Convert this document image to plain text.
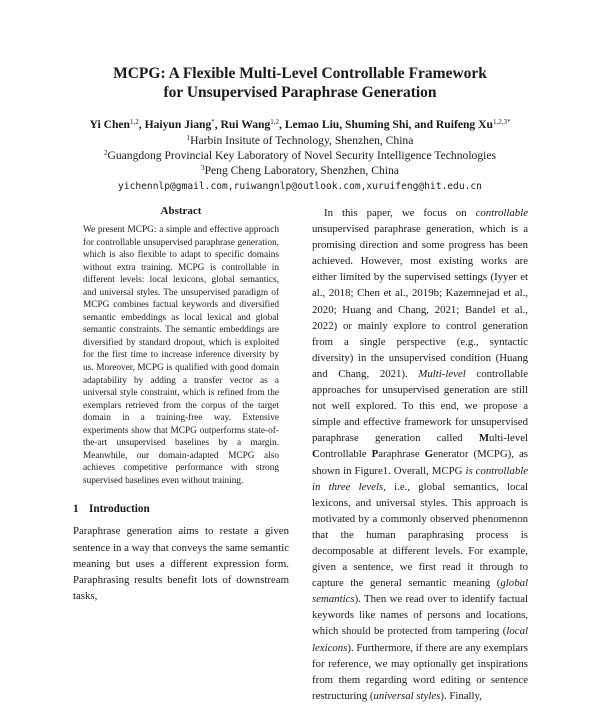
MCPG: A Flexible Multi-Level Controllable Framework
for Unsupervised Paraphrase Generation
Yi Chen$^{1,2}$, Haiyun Jiang*, Rui Wang$^{1,2}$, Lemao Liu, Shuming Shi, and Ruifeng $Xu^{1,2,3*}$
$^1$Harbin Insitute of Technology, Shenzhen, China
$^2$Guangdong Provincial Key Laboratory of Novel Security Intelligence Technologies
$^3$Peng Cheng Laboratory, Shenzhen, China
yichennlp@gmail.com,ruiwangnlp@outlook.com,xuruifeng@hit.edu.cn
Abstract

We present MCPG: a simple and effective approach for controllable unsupervised paraphrase generation, which is also flexible to adapt to specific domains without extra training. MCPG is controllable in different levels: local lexicons, global semantics, and universal styles. The unsupervised paradigm of MCPG combines factual keywords and diversified semantic embeddings as local lexical and global semantic constraints. The semantic embeddings are diversified by standard dropout, which is exploited for the first time to increase inference diversity by us. Moreover, MCPG is qualified with good domain adaptability by adding a transfer vector as a universal style constraint, which is refined from the exemplars retrieved from the corpus of the target domain in a training-free way. Extensive experiments show that MCPG outperforms state-of-the-art unsupervised baselines by a margin. Meanwhile, our domain-adapted MCPG also achieves competitive performance with strong supervised baselines even without training.

1 Introduction

Paraphrase generation aims to restate a given sentence in a way that conveys the same semantic meaning but uses a different expression form. Paraphrasing results benefit lots of downstream tasks,

In this paper, we focus on controllable unsupervised paraphrase generation, which is a promising direction and some progress has been achieved. However, most existing works are either limited by the supervised settings (Iyyer et al., 2018; Chen et al., 2019b; Kazemnejad et al., 2020; Huang and Chang, 2021; Bandel et al., 2022) or mainly explore to control generation from a single perspective (e.g., syntactic diversity) in the unsupervised condition (Huang and Chang, 2021). Multi-level controllable approaches for unsupervised generation are still not well explored. To this end, we propose a simple and effective framework for unsupervised paraphrase generation called Multi-level Controllable Paraphrase Generator (MCPG), as shown in Figure1. Overall, MCPG is controllable in three levels, i.e., global semantics, local lexicons, and universal styles. This approach is motivated by a commonly observed phenomenon that the human paraphrasing process is decomposable at different levels. For example, given a sentence, we first read it through to capture the general semantic meaning (global semantics). Then we read over to identify factual keywords like names of persons and locations, which should be protected from tampering (local lexicons). Furthermore, if there are any exemplars for reference, we may optionally get inspirations from them regarding word editing or sentence restructuring (universal styles). Finally,
